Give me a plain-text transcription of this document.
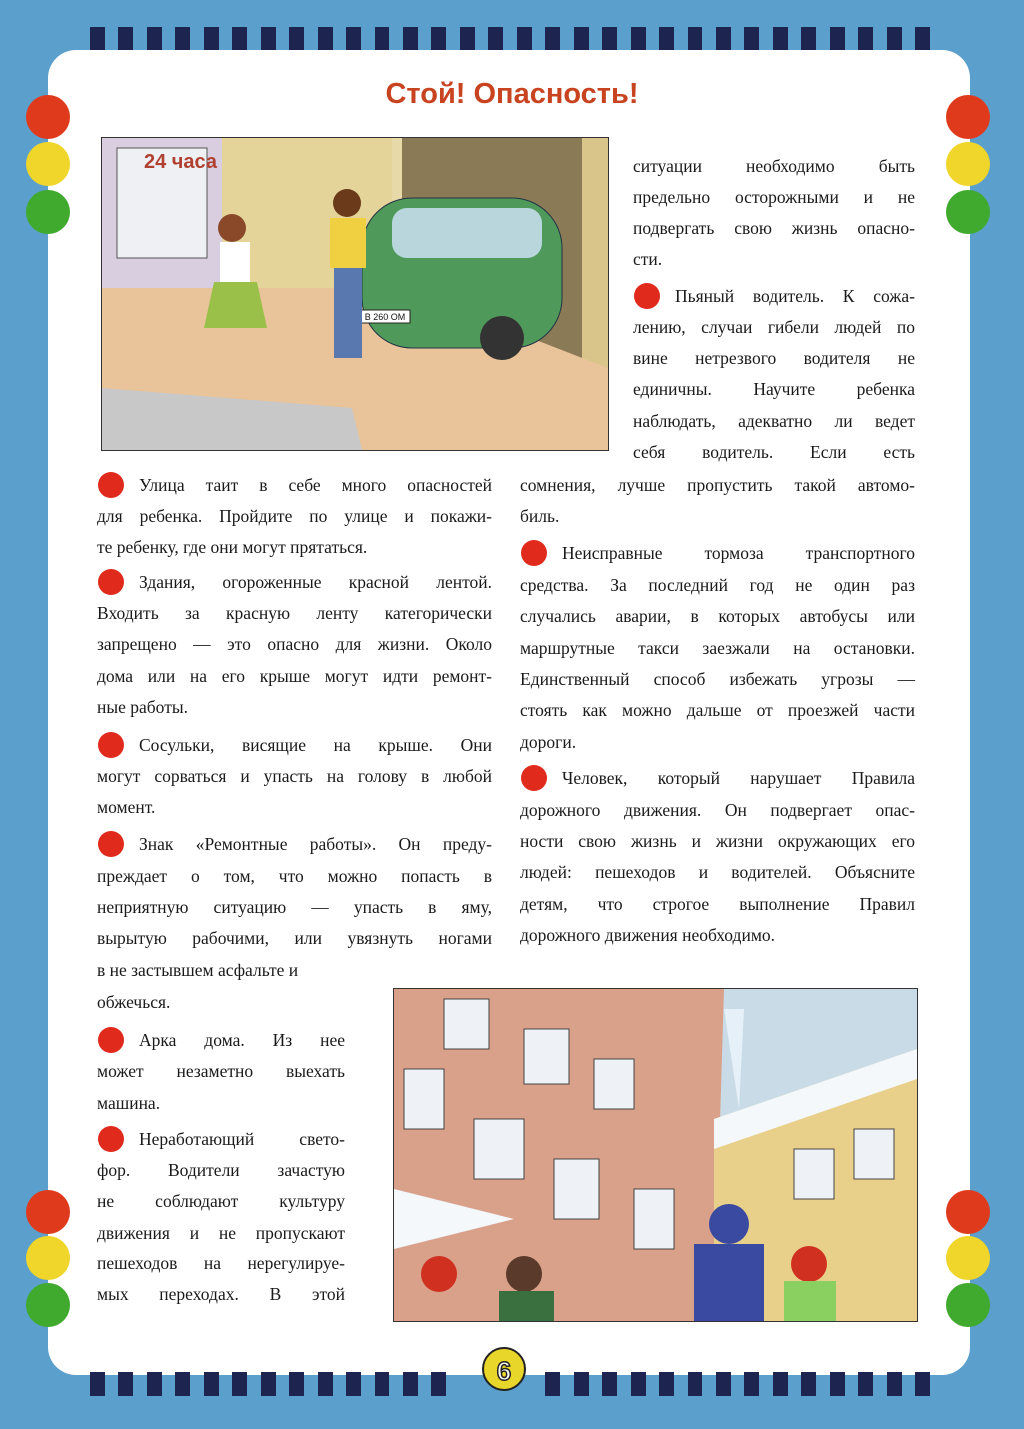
Стой! Опасность!
24 часа
В 260 ОМ
Улица таит в себе много опасностей
для ребенка. Пройдите по улице и покажи-
те ребенку, где они могут прятаться.
Здания, огороженные красной лентой.
Входить за красную ленту категорически
запрещено — это опасно для жизни. Около
дома или на его крыше могут идти ремонт-
ные работы.
Сосульки, висящие на крыше. Они
могут сорваться и упасть на голову в любой
момент.
Знак «Ремонтные работы». Он преду-
преждает о том, что можно попасть в
неприятную ситуацию — упасть в яму,
вырытую рабочими, или увязнуть ногами
в не застывшем асфальте и
обжечься.
Арка дома. Из нее
может незаметно выехать
машина.
Неработающий свето-
фор. Водители зачастую
не соблюдают культуру
движения и не пропускают
пешеходов на нерегулируе-
мых переходах. В этой
ситуации необходимо быть
предельно осторожными и не
подвергать свою жизнь опасно-
сти.
Пьяный водитель. К сожа-
лению, случаи гибели людей по
вине нетрезвого водителя не
единичны. Научите ребенка
наблюдать, адекватно ли ведет
себя водитель. Если есть
сомнения, лучше пропустить такой автомо-
биль.
Неисправные тормоза транспортного
средства. За последний год не один раз
случались аварии, в которых автобусы или
маршрутные такси заезжали на остановки.
Единственный способ избежать угрозы —
стоять как можно дальше от проезжей части
дороги.
Человек, который нарушает Правила
дорожного движения. Он подвергает опас-
ности свою жизнь и жизни окружающих его
людей: пешеходов и водителей. Объясните
детям, что строгое выполнение Правил
дорожного движения необходимо.
6
